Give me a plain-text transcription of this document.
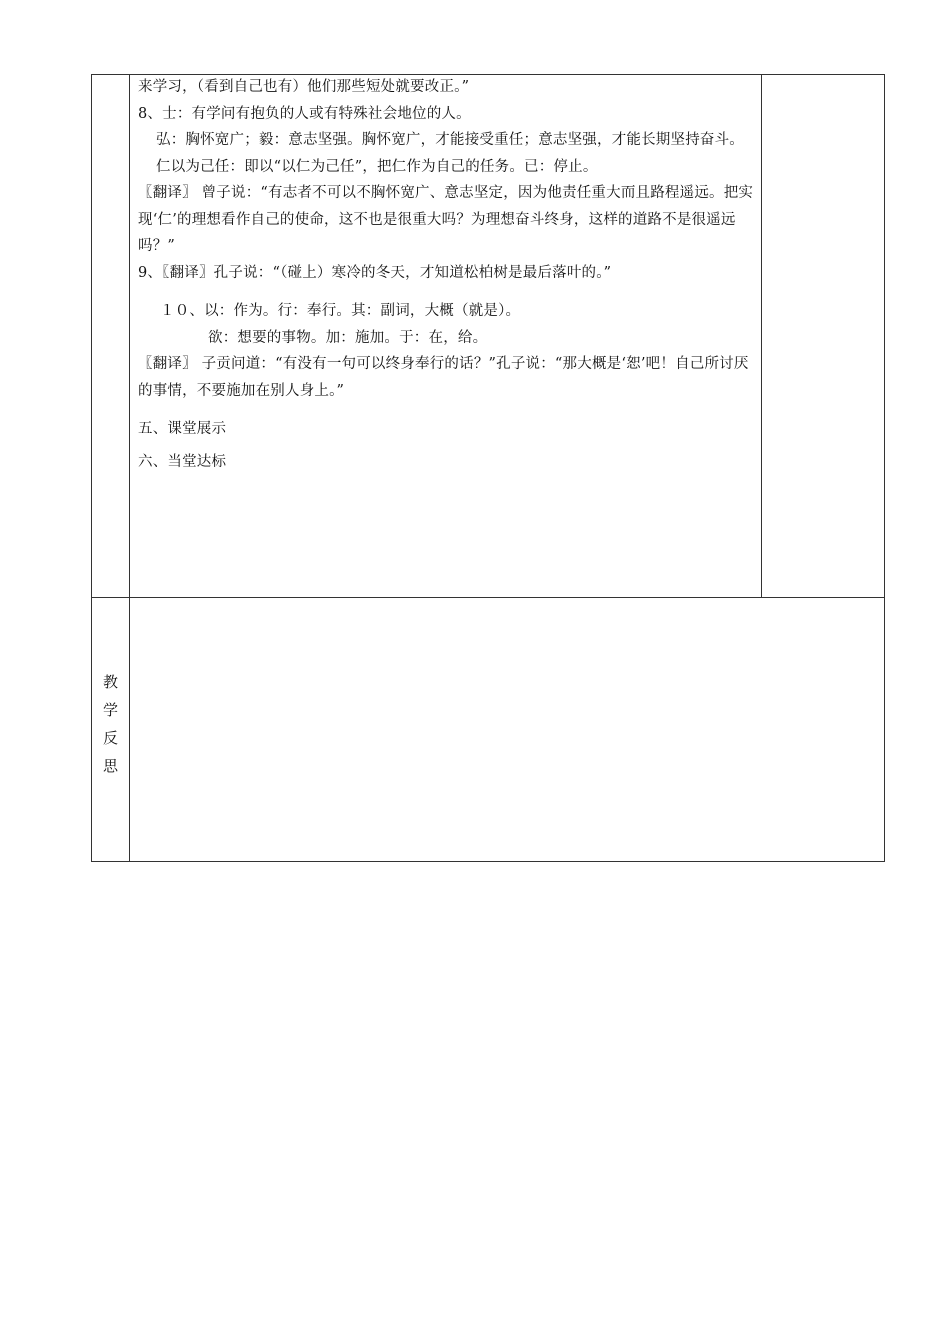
来学习，（看到自己也有）他们那些短处就要改正。”

8、士：有学问有抱负的人或有特殊社会地位的人。

弘：胸怀宽广；毅：意志坚强。胸怀宽广，才能接受重任；意志坚强，才能长期坚持奋斗。

仁以为己任：即以“以仁为己任”，把仁作为自己的任务。已：停止。

〖翻译〗 曾子说：“有志者不可以不胸怀宽广、意志坚定，因为他责任重大而且路程遥远。把实现‘仁’的理想看作自己的使命，这不也是很重大吗？为理想奋斗终身，这样的道路不是很遥远吗？”

9、〖翻译〗孔子说：“（碰上）寒冷的冬天，才知道松柏树是最后落叶的。”

１０、以：作为。行：奉行。其：副词，大概（就是）。

欲：想要的事物。加：施加。于：在，给。

〖翻译〗 子贡问道：“有没有一句可以终身奉行的话？”孔子说：“那大概是‘恕’吧！自己所讨厌的事情，不要施加在别人身上。”

五、课堂展示

六、当堂达标

教
学
反
思
